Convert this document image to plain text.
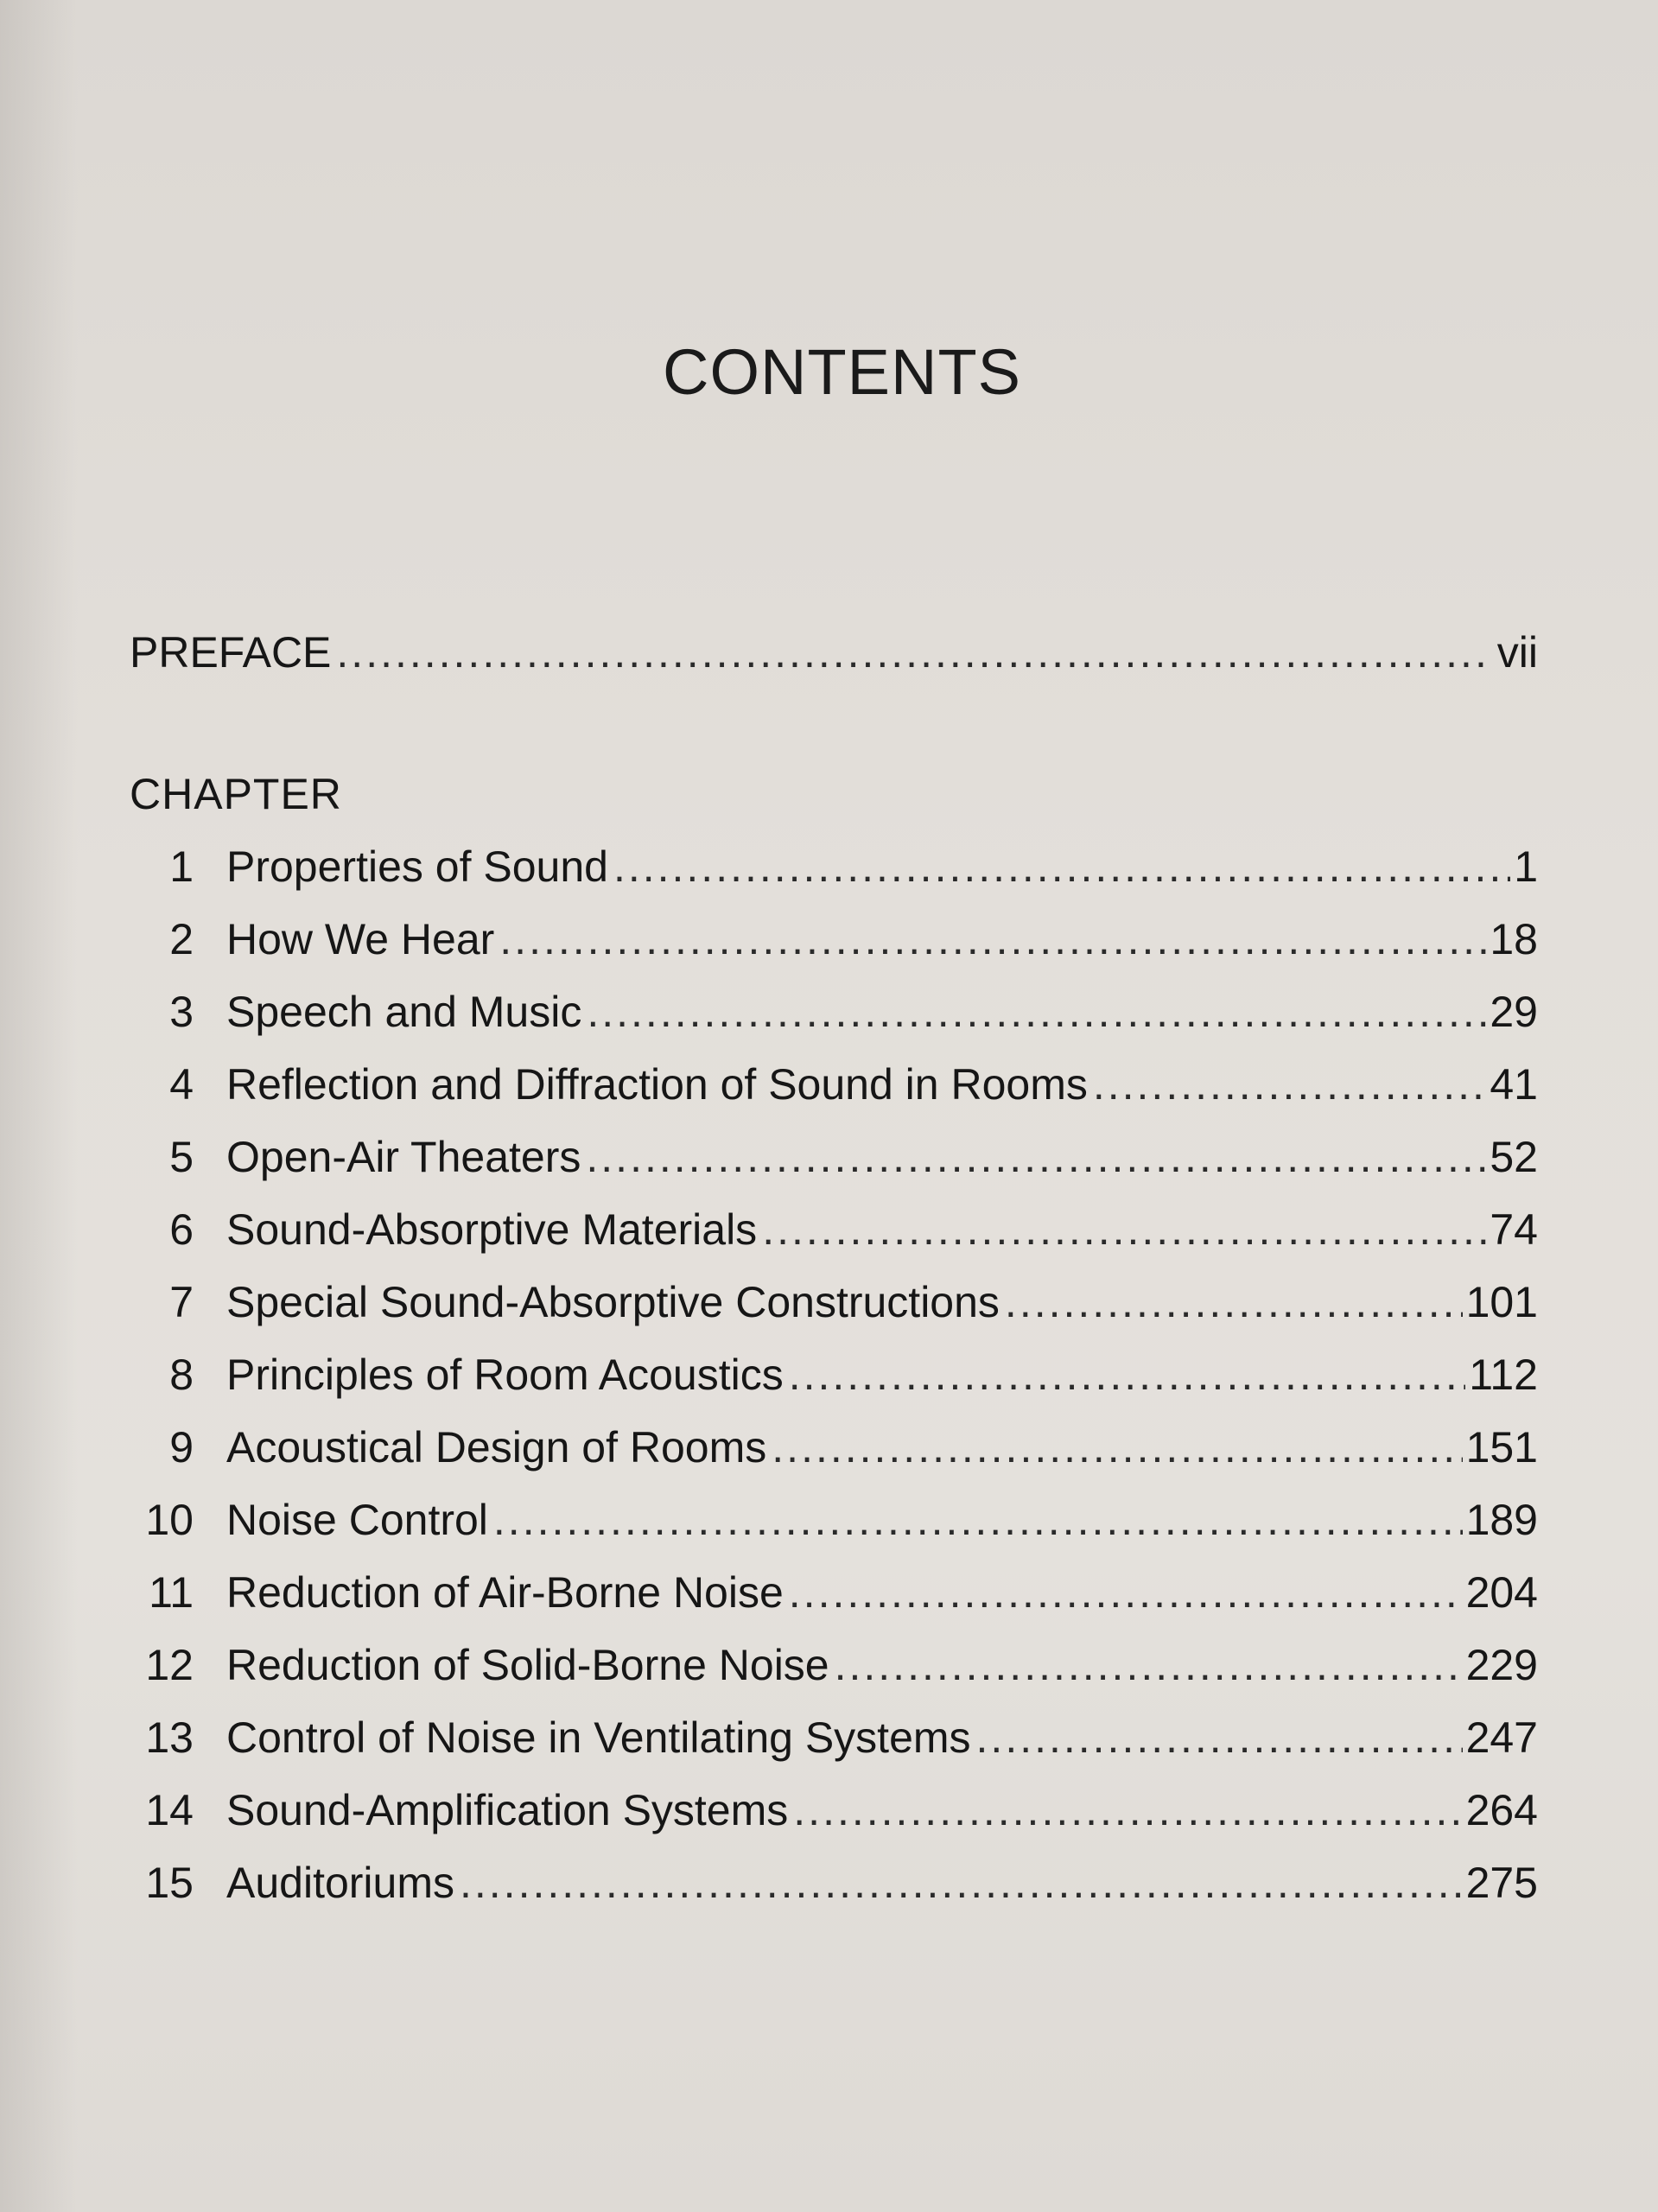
CONTENTS
PREFACE .....	vii
CHAPTER
1 Properties of Sound .....	1
2 How We Hear .....	18
3 Speech and Music .....	29
4 Reflection and Diffraction of Sound in Rooms .....	41
5 Open-Air Theaters .....	52
6 Sound-Absorptive Materials .....	74
7 Special Sound-Absorptive Constructions .....	101
8 Principles of Room Acoustics .....	112
9 Acoustical Design of Rooms .....	151
10 Noise Control .....	189
11 Reduction of Air-Borne Noise .....	204
12 Reduction of Solid-Borne Noise .....	229
13 Control of Noise in Ventilating Systems .....	247
14 Sound-Amplification Systems .....	264
15 Auditoriums .....	275
